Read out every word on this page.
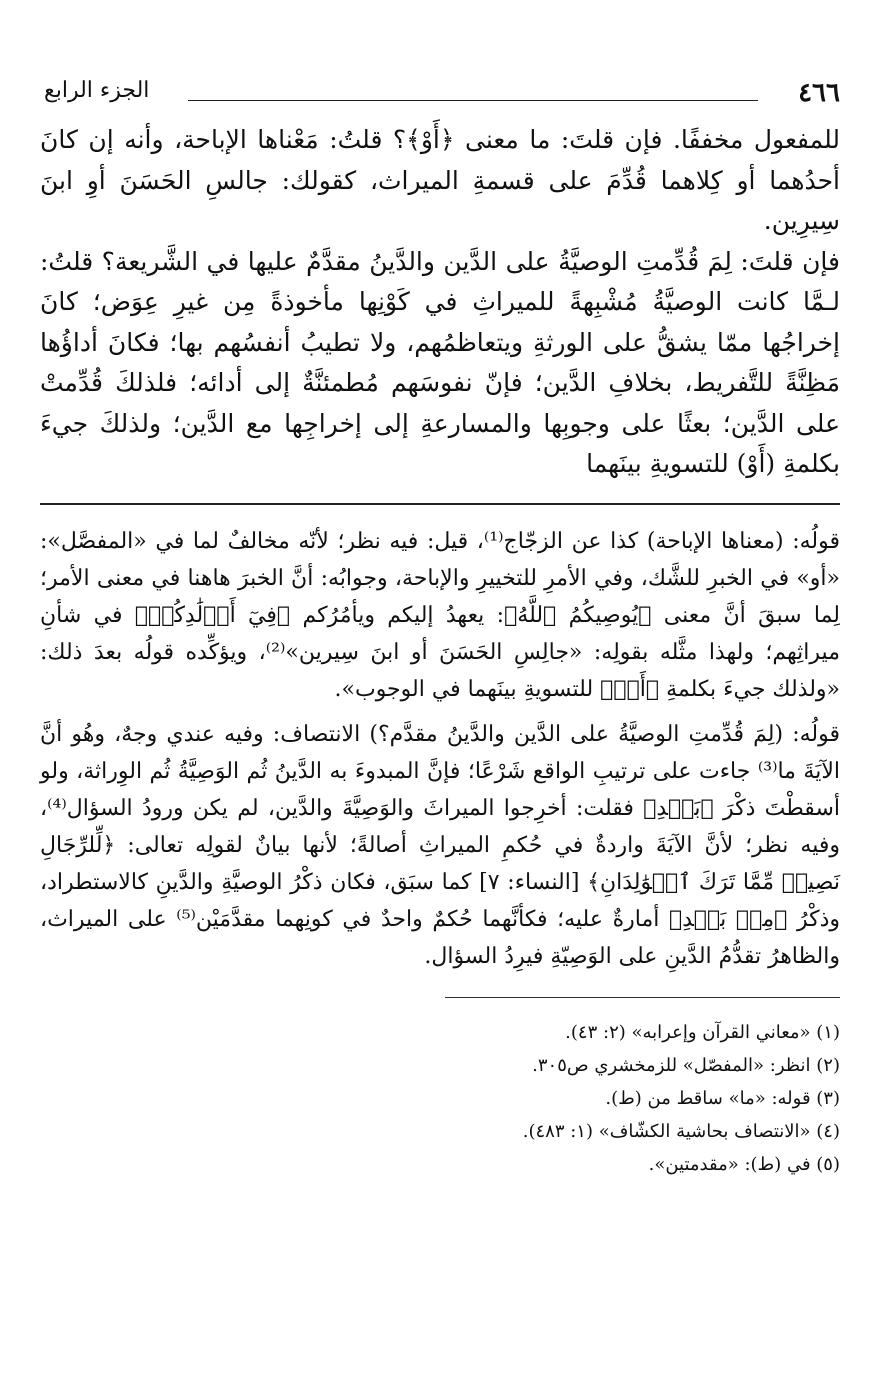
٤٦٦
الجزء الرابع

للمفعول مخففًا. فإن قلتَ: ما معنى ﴿أَوْ﴾؟ قلتُ: مَعْناها الإباحة، وأنه إن كانَ أحدُهما أو كِلاهما قُدِّمَ على قسمةِ الميراث، كقولك: جالسِ الحَسَنَ أوِ ابنَ سِيرِين.

فإن قلتَ: لِمَ قُدِّمتِ الوصيَّةُ على الدَّين والدَّينُ مقدَّمٌ عليها في الشَّريعة؟ قلتُ: لـمَّا كانت الوصيَّةُ مُشْبِهةً للميراثِ في كَوْنِها مأخوذةً مِن غيرِ عِوَض؛ كانَ إخراجُها ممّا يشقُّ على الورثةِ ويتعاظمُهم، ولا تطيبُ أنفسُهم بها؛ فكانَ أداؤُها مَظِنَّةً للتَّفريط، بخلافِ الدَّين؛ فإنّ نفوسَهم مُطمئنَّةٌ إلى أدائه؛ فلذلكَ قُدِّمتْ على الدَّين؛ بعثًا على وجوبِها والمسارعةِ إلى إخراجِها مع الدَّين؛ ولذلكَ جيءَ بكلمةِ (أَوْ) للتسويةِ بينَهما

قولُه: (معناها الإباحة) كذا عن الزجّاج⁽¹⁾، قيل: فيه نظر؛ لأنّه مخالفٌ لما في «المفصَّل»: «أو» في الخبرِ للشَّك، وفي الأمرِ للتخييرِ والإباحة، وجوابُه: أنَّ الخبرَ هاهنا في معنى الأمر؛ لِما سبقَ أنَّ معنى ﴿يُوصِيكُمُ ٱللَّهُ﴾: يعهدُ إليكم ويأمُرُكم ﴿فِيٓ أَوۡلَٰدِكُمۡ﴾ في شأنِ ميراثِهم؛ ولهذا مثَّله بقولِه: «جالِسِ الحَسَنَ أو ابنَ سِيرين»⁽²⁾، ويؤكِّده قولُه بعدَ ذلك: «ولذلك جيءَ بكلمةِ ﴿أَوۡ﴾ للتسويةِ بينَهما في الوجوب».

قولُه: (لِمَ قُدِّمتِ الوصيَّةُ على الدَّين والدَّينُ مقدَّم؟) الانتصاف: وفيه عندي وجهٌ، وهُو أنَّ الآيَةَ ما⁽³⁾ جاءت على ترتيبِ الواقع شَرْعًا؛ فإنَّ المبدوءَ به الدَّينُ ثُم الوَصِيَّةُ ثُم الوِراثة، ولو أسقطْتَ ذكْرَ ﴿بَعۡدِ﴾ فقلت: أخرِجوا الميراثَ والوَصِيَّةَ والدَّين، لم يكن ورودُ السؤال⁽⁴⁾، وفيه نظر؛ لأنَّ الآيَةَ واردةٌ في حُكمِ الميراثِ أصالةً؛ لأنها بيانٌ لقولِه تعالى: ﴿لِّلرِّجَالِ نَصِيبٞ مِّمَّا تَرَكَ ٱلۡوَٰلِدَانِ﴾ [النساء: ٧] كما سبَق، فكان ذكْرُ الوصيَّةِ والدَّينِ كالاستطراد، وذكْرُ ﴿مِنۢ بَعۡدِ﴾ أمارةٌ عليه؛ فكأنَّهما حُكمٌ واحدٌ في كونِهما مقدَّمَيْن⁽⁵⁾ على الميراث، والظاهرُ تقدُّمُ الدَّينِ على الوَصِيّةِ فيرِدُ السؤال.

(١) «معاني القرآن وإعرابه» (٢: ٤٣).
(٢) انظر: «المفصّل» للزمخشري ص٣٠٥.
(٣) قوله: «ما» ساقط من (ط).
(٤) «الانتصاف بحاشية الكشّاف» (١: ٤٨٣).
(٥) في (ط): «مقدمتين».
